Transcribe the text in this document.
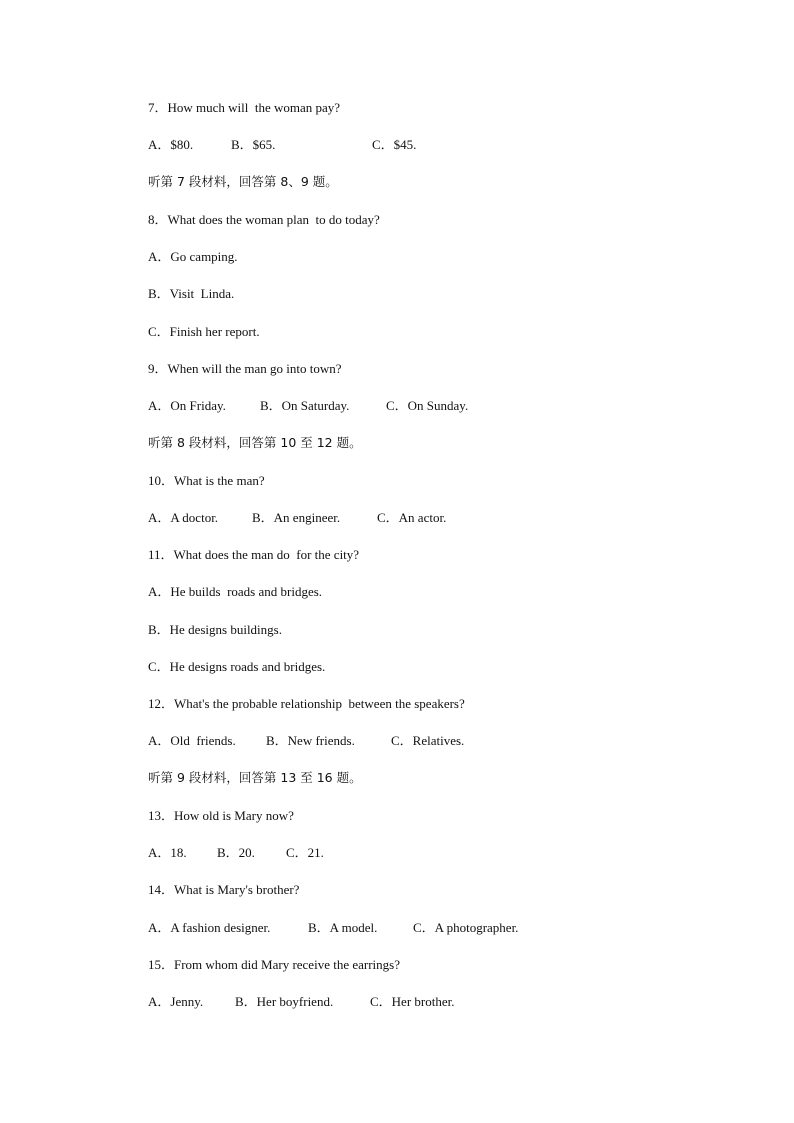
7．How much will  the woman pay?

A．$80.

	B．$65.

	C．$45.

听第 7 段材料，回答第 8、9 题。
8．What does the woman plan  to do today?
A．Go camping.
B．Visit  Linda.
C．Finish her report.
9．When will the man go into town?

A．On Friday.

	B．On Saturday.

	C．On Sunday.

听第 8 段材料，回答第 10 至 12 题。
10．What is the man?

A．A doctor.

	B．An engineer.

	C．An actor.

11．What does the man do  for the city?
A．He builds  roads and bridges.
B．He designs buildings.
C．He designs roads and bridges.
12．What's the probable relationship  between the speakers?

A．Old  friends.

B．New friends.

	C．Relatives.

听第 9 段材料，回答第 13 至 16 题。
13．How old is Mary now?

A．18.

B．20.

C．21.

14．What is Mary's brother?

A．A fashion designer.

	B．A model.

	C．A photographer.

15．From whom did Mary receive the earrings?

A．Jenny.

B．Her boyfriend.

	C．Her brother.
